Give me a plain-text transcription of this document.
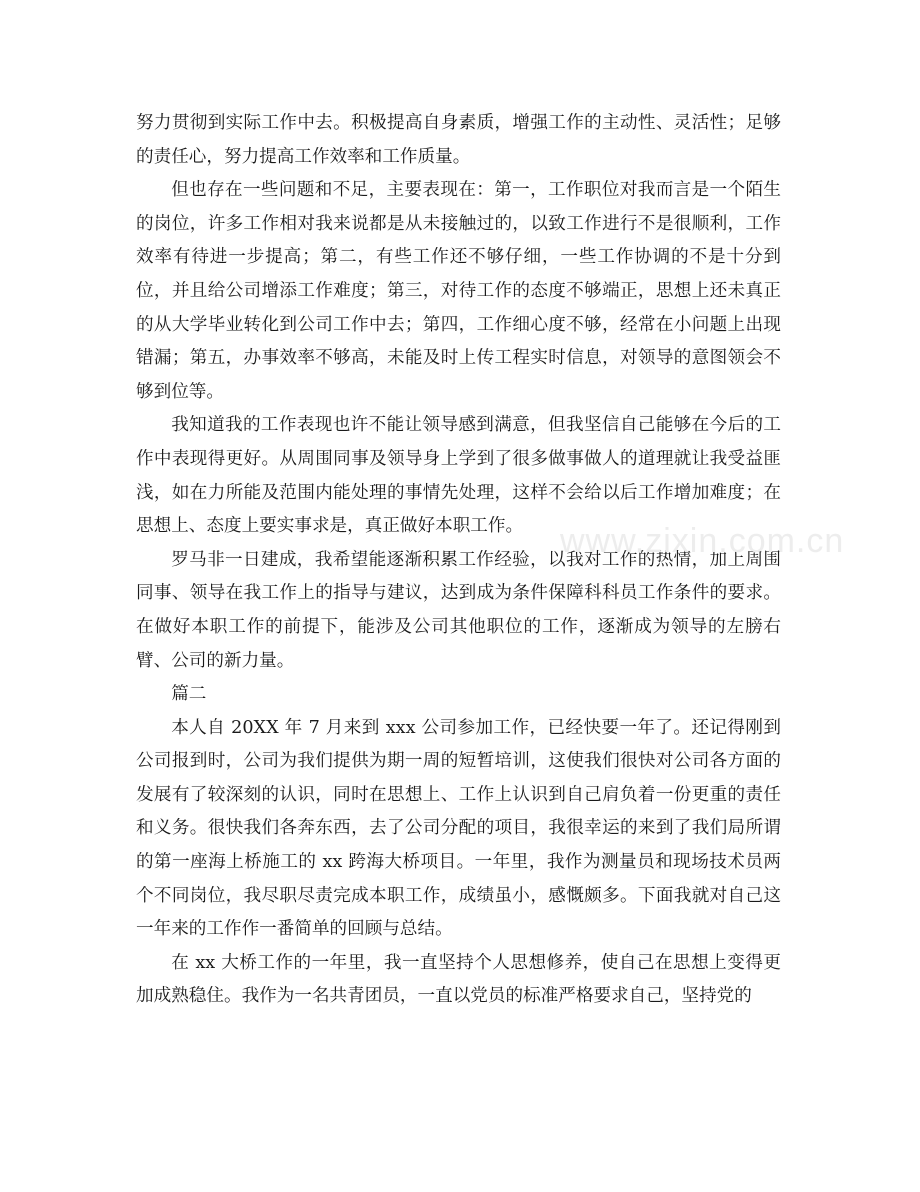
努力贯彻到实际工作中去。积极提高自身素质，增强工作的主动性、灵活性；足够的责任心，努力提高工作效率和工作质量。

但也存在一些问题和不足，主要表现在：第一，工作职位对我而言是一个陌生的岗位，许多工作相对我来说都是从未接触过的，以致工作进行不是很顺利，工作效率有待进一步提高；第二，有些工作还不够仔细，一些工作协调的不是十分到位，并且给公司增添工作难度；第三，对待工作的态度不够端正，思想上还未真正的从大学毕业转化到公司工作中去；第四，工作细心度不够，经常在小问题上出现错漏；第五，办事效率不够高，未能及时上传工程实时信息，对领导的意图领会不够到位等。

我知道我的工作表现也许不能让领导感到满意，但我坚信自己能够在今后的工作中表现得更好。从周围同事及领导身上学到了很多做事做人的道理就让我受益匪浅，如在力所能及范围内能处理的事情先处理，这样不会给以后工作增加难度；在思想上、态度上要实事求是，真正做好本职工作。

罗马非一日建成，我希望能逐渐积累工作经验，以我对工作的热情，加上周围同事、领导在我工作上的指导与建议，达到成为条件保障科科员工作条件的要求。在做好本职工作的前提下，能涉及公司其他职位的工作，逐渐成为领导的左膀右臂、公司的新力量。

篇二

本人自 20XX 年 7 月来到 xxx 公司参加工作，已经快要一年了。还记得刚到公司报到时，公司为我们提供为期一周的短暂培训，这使我们很快对公司各方面的发展有了较深刻的认识，同时在思想上、工作上认识到自己肩负着一份更重的责任和义务。很快我们各奔东西，去了公司分配的项目，我很幸运的来到了我们局所谓的第一座海上桥施工的 xx 跨海大桥项目。一年里，我作为测量员和现场技术员两个不同岗位，我尽职尽责完成本职工作，成绩虽小，感慨颇多。下面我就对自己这一年来的工作作一番简单的回顾与总结。

在 xx 大桥工作的一年里，我一直坚持个人思想修养，使自己在思想上变得更加成熟稳住。我作为一名共青团员，一直以党员的标准严格要求自己，坚持党的

www.zixin.com.cn
